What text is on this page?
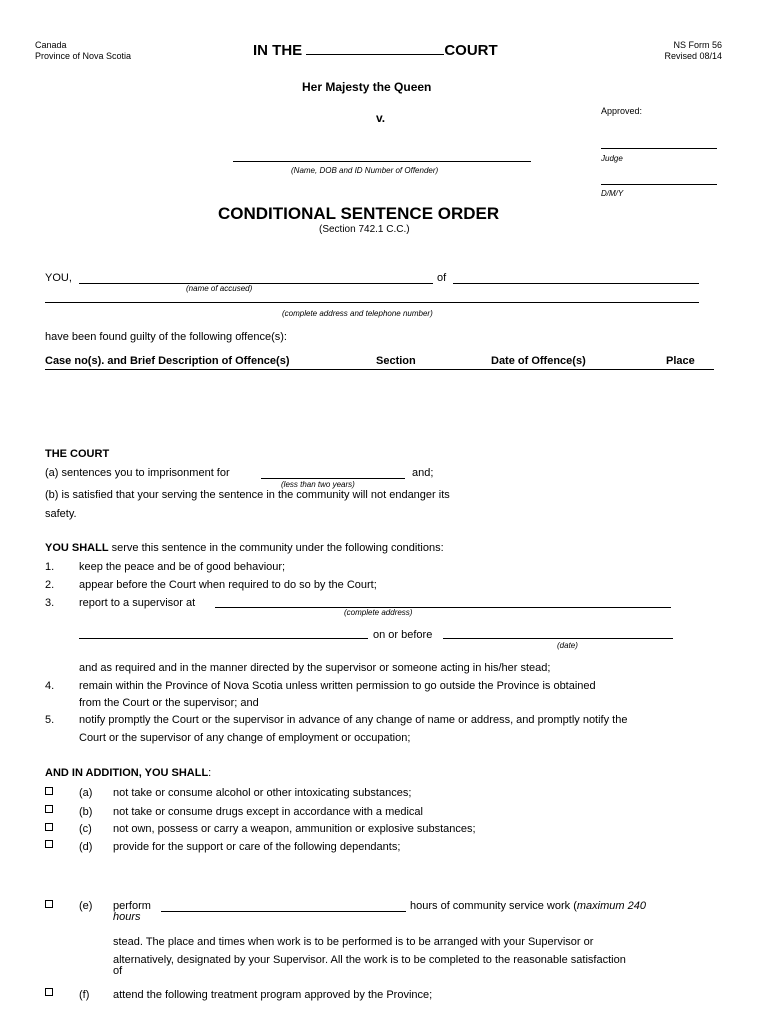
Canada
Province of Nova Scotia	IN THE	COURT	NS Form 56
Revised 08/14
Her Majesty the Queen
v.
(Name, DOB and ID Number of Offender)
Approved:
Judge
D/M/Y
CONDITIONAL SENTENCE ORDER
(Section 742.1 C.C.)
YOU,	of
(name of accused)
(complete address and telephone number)
have been found guilty of the following offence(s):
Case no(s). and Brief Description of Offence(s)	Section	Date of Offence(s)	Place
THE COURT
(a) sentences you to imprisonment for	and;
(less than two years)
(b) is satisfied that your serving the sentence in the community will not endanger its
safety.
YOU SHALL serve this sentence in the community under the following conditions:
1. keep the peace and be of good behaviour;
2. appear before the Court when required to do so by the Court;
3. report to a supervisor at
(complete address)
on or before
(date)
and as required and in the manner directed by the supervisor or someone acting in his/her stead;
4. remain within the Province of Nova Scotia unless written permission to go outside the Province is obtained
from the Court or the supervisor; and
5. notify promptly the Court or the supervisor in advance of any change of name or address, and promptly notify the
Court or the supervisor of any change of employment or occupation;
AND IN ADDITION, YOU SHALL:
(a) not take or consume alcohol or other intoxicating substances;
(b) not take or consume drugs except in accordance with a medical
(c) not own, possess or carry a weapon, ammunition or explosive substances;
(d) provide for the support or care of the following dependants;
(e) perform	hours of community service work (maximum 240
hours
stead. The place and times when work is to be performed is to be arranged with your Supervisor or
alternatively, designated by your Supervisor. All the work is to be completed to the reasonable satisfaction
of
(f) attend the following treatment program approved by the Province;
